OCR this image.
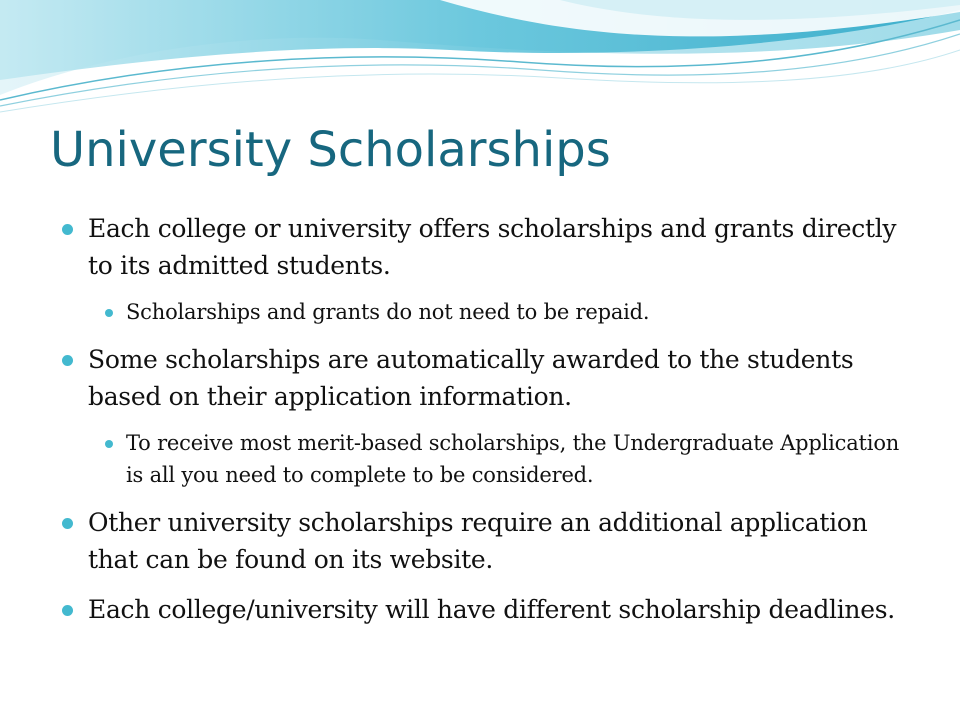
University Scholarships
Each college or university offers scholarships and grants directly to its admitted students.
Scholarships and grants do not need to be repaid.
Some scholarships are automatically awarded to the students based on their application information.
To receive most merit-based scholarships, the Undergraduate Application is all you need to complete to be considered.
Other university scholarships require an additional application that can be found on its website.
Each college/university will have different scholarship deadlines.
